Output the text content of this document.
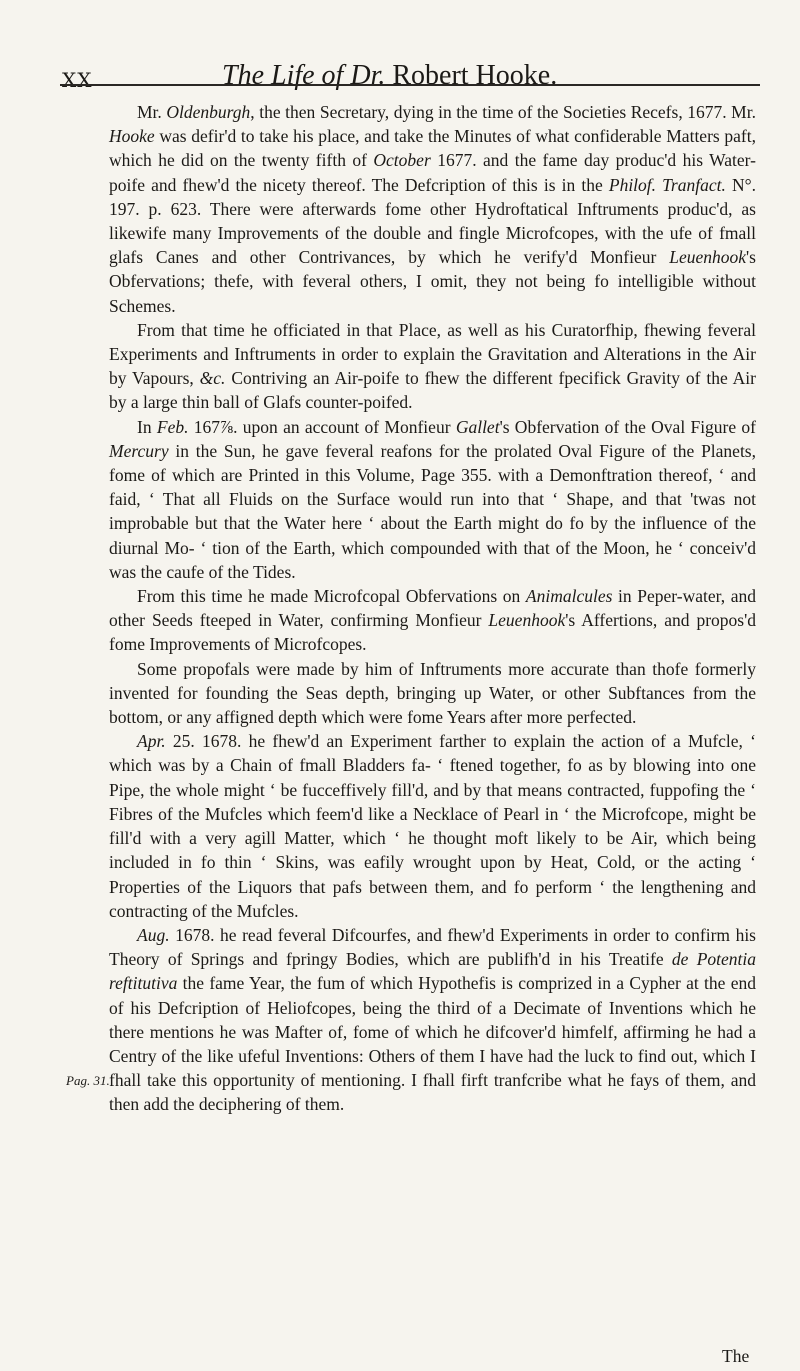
XX	The Life of Dr. Robert Hooke.

Mr. Oldenburgh, the then Secretary, dying in the time of the Societies Recefs, 1677. Mr. Hooke was defir'd to take his place, and take the Minutes of what confiderable Matters paft, which he did on the twenty fifth of October 1677. and the fame day produc'd his Water-poife and fhew'd the nicety thereof. The Defcription of this is in the Philof. Tranfact. N°. 197. p. 623. There were afterwards fome other Hydroftatical Inftruments produc'd, as likewife many Improvements of the double and fingle Microfcopes, with the ufe of fmall glafs Canes and other Contrivances, by which he verify'd Monfieur Leuenhook's Obfervations; thefe, with feveral others, I omit, they not being fo intelligible without Schemes.

From that time he officiated in that Place, as well as his Curatorfhip, fhewing feveral Experiments and Inftruments in order to explain the Gravitation and Alterations in the Air by Vapours, &c. Contriving an Air-poife to fhew the different fpecifick Gravity of the Air by a large thin ball of Glafs counter-poifed.

In Feb. 167⅞. upon an account of Monfieur Gallet's Obfervation of the Oval Figure of Mercury in the Sun, he gave feveral reafons for the prolated Oval Figure of the Planets, fome of which are Printed in this Volume, Page 355. with a Demonftration thereof, ‘ and faid, ‘ That all Fluids on the Surface would run into that ‘ Shape, and that 'twas not improbable but that the Water here ‘ about the Earth might do fo by the influence of the diurnal Mo- ‘ tion of the Earth, which compounded with that of the Moon, he ‘ conceiv'd was the caufe of the Tides.

From this time he made Microfcopal Obfervations on Animalcules in Peper-water, and other Seeds fteeped in Water, confirming Monfieur Leuenhook's Affertions, and propos'd fome Improvements of Microfcopes.

Some propofals were made by him of Inftruments more accurate than thofe formerly invented for founding the Seas depth, bringing up Water, or other Subftances from the bottom, or any affigned depth which were fome Years after more perfected.

Apr. 25. 1678. he fhew'd an Experiment farther to explain the action of a Mufcle, ‘ which was by a Chain of fmall Bladders fa- ‘ ftened together, fo as by blowing into one Pipe, the whole might ‘ be fucceffively fill'd, and by that means contracted, fuppofing the ‘ Fibres of the Mufcles which feem'd like a Necklace of Pearl in ‘ the Microfcope, might be fill'd with a very agill Matter, which ‘ he thought moft likely to be Air, which being included in fo thin ‘ Skins, was eafily wrought upon by Heat, Cold, or the acting ‘ Properties of the Liquors that pafs between them, and fo perform ‘ the lengthening and contracting of the Mufcles.

Aug. 1678. he read feveral Difcourfes, and fhew'd Experiments in order to confirm his Theory of Springs and fpringy Bodies, which are publifh'd in his Treatife de Potentia reftitutiva the fame Year, the fum of which Hypothefis is comprized in a Cypher at the end of his Defcription of Heliofcopes, being the third of a Decimate of Inventions which he there mentions he was Mafter of, fome of which he difcover'd himfelf, affirming he had a Centry of the like ufeful Inventions: Others of them I have had the luck to find out, which I fhall take this opportunity of mentioning. I fhall firft tranfcribe what he fays of them, and then add the deciphering of them.

Pag. 31.
The
